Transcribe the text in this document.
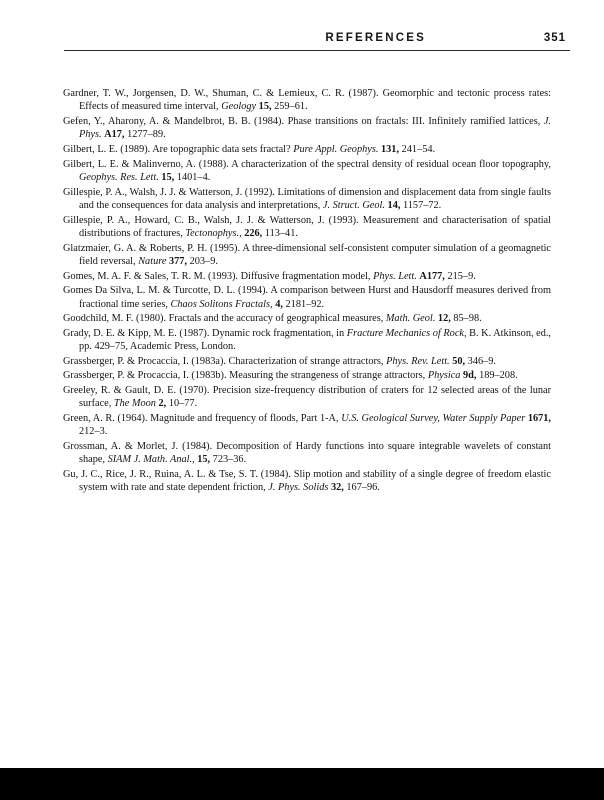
REFERENCES	351

Gardner, T. W., Jorgensen, D. W., Shuman, C. & Lemieux, C. R. (1987). Geomorphic and tectonic process rates: Effects of measured time interval, Geology 15, 259–61.

Gefen, Y., Aharony, A. & Mandelbrot, B. B. (1984). Phase transitions on fractals: III. Infinitely ramified lattices, J. Phys. A17, 1277–89.

Gilbert, L. E. (1989). Are topographic data sets fractal? Pure Appl. Geophys. 131, 241–54.

Gilbert, L. E. & Malinverno, A. (1988). A characterization of the spectral density of residual ocean floor topography, Geophys. Res. Lett. 15, 1401–4.

Gillespie, P. A., Walsh, J. J. & Watterson, J. (1992). Limitations of dimension and displacement data from single faults and the consequences for data analysis and interpretations, J. Struct. Geol. 14, 1157–72.

Gillespie, P. A., Howard, C. B., Walsh, J. J. & Watterson, J. (1993). Measurement and characterisation of spatial distributions of fractures, Tectonophys., 226, 113–41.

Glatzmaier, G. A. & Roberts, P. H. (1995). A three-dimensional self-consistent computer simulation of a geomagnetic field reversal, Nature 377, 203–9.

Gomes, M. A. F. & Sales, T. R. M. (1993). Diffusive fragmentation model, Phys. Lett. A177, 215–9.

Gomes Da Silva, L. M. & Turcotte, D. L. (1994). A comparison between Hurst and Hausdorff measures derived from fractional time series, Chaos Solitons Fractals, 4, 2181–92.

Goodchild, M. F. (1980). Fractals and the accuracy of geographical measures, Math. Geol. 12, 85–98.

Grady, D. E. & Kipp, M. E. (1987). Dynamic rock fragmentation, in Fracture Mechanics of Rock, B. K. Atkinson, ed., pp. 429–75, Academic Press, London.

Grassberger, P. & Procaccia, I. (1983a). Characterization of strange attractors, Phys. Rev. Lett. 50, 346–9.

Grassberger, P. & Procaccia, I. (1983b). Measuring the strangeness of strange attractors, Physica 9d, 189–208.

Greeley, R. & Gault, D. E. (1970). Precision size-frequency distribution of craters for 12 selected areas of the lunar surface, The Moon 2, 10–77.

Green, A. R. (1964). Magnitude and frequency of floods, Part 1-A, U.S. Geological Survey, Water Supply Paper 1671, 212–3.

Grossman, A. & Morlet, J. (1984). Decomposition of Hardy functions into square integrable wavelets of constant shape, SIAM J. Math. Anal., 15, 723–36.

Gu, J. C., Rice, J. R., Ruina, A. L. & Tse, S. T. (1984). Slip motion and stability of a single degree of freedom elastic system with rate and state dependent friction, J. Phys. Solids 32, 167–96.
